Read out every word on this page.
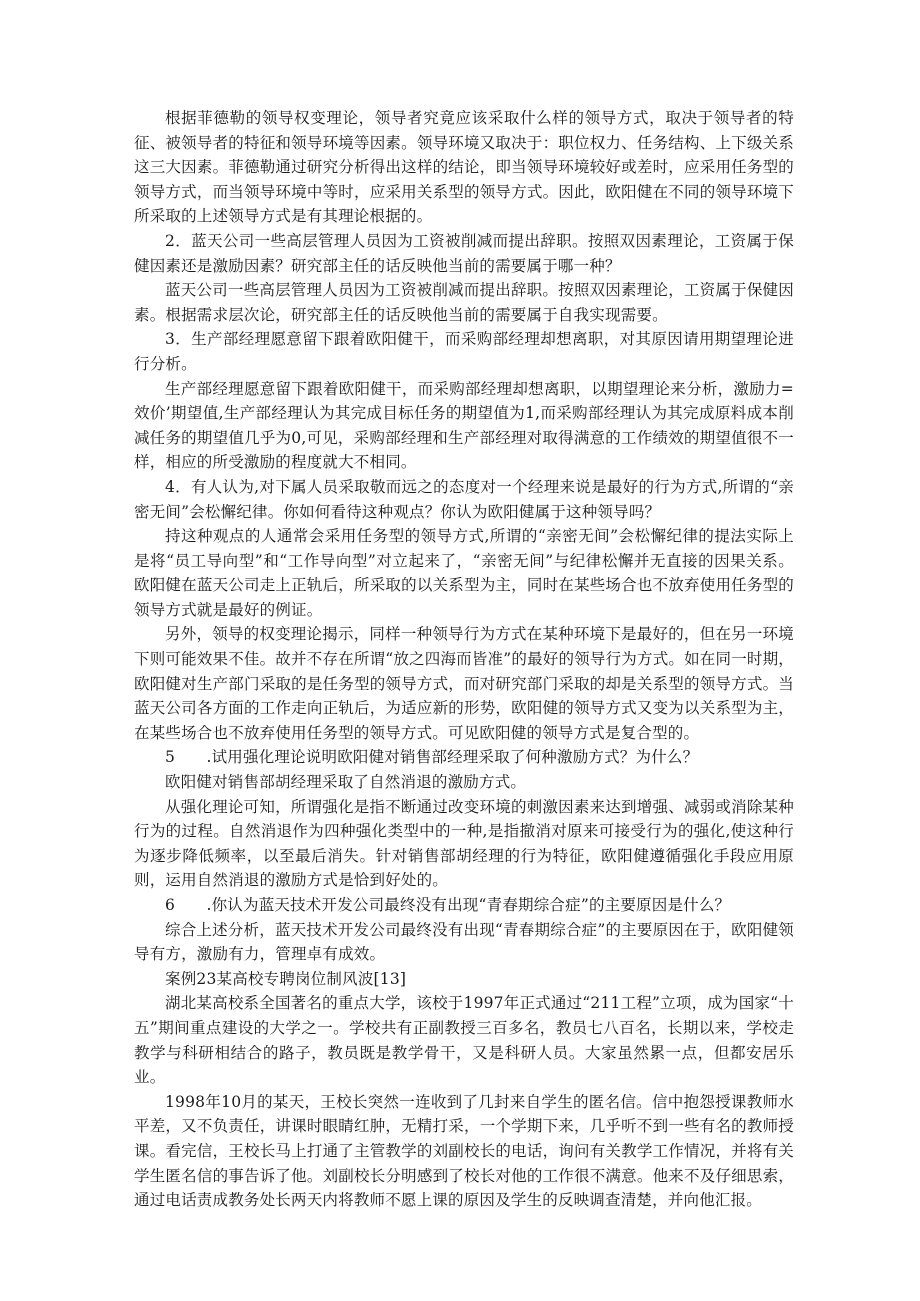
根据菲德勒的领导权变理论，领导者究竟应该采取什么样的领导方式，取决于领导者的特征、被领导者的特征和领导环境等因素。领导环境又取决于：职位权力、任务结构、上下级关系这三大因素。菲德勒通过研究分析得出这样的结论，即当领导环境较好或差时，应采用任务型的领导方式，而当领导环境中等时，应采用关系型的领导方式。因此，欧阳健在不同的领导环境下所采取的上述领导方式是有其理论根据的。

2．蓝天公司一些高层管理人员因为工资被削减而提出辞职。按照双因素理论，工资属于保健因素还是激励因素？研究部主任的话反映他当前的需要属于哪一种？

蓝天公司一些高层管理人员因为工资被削减而提出辞职。按照双因素理论，工资属于保健因素。根据需求层次论，研究部主任的话反映他当前的需要属于自我实现需要。

3．生产部经理愿意留下跟着欧阳健干，而采购部经理却想离职，对其原因请用期望理论进行分析。

生产部经理愿意留下跟着欧阳健干，而采购部经理却想离职，以期望理论来分析，激励力=效价’期望值,生产部经理认为其完成目标任务的期望值为1,而采购部经理认为其完成原料成本削减任务的期望值几乎为0,可见，采购部经理和生产部经理对取得满意的工作绩效的期望值很不一样，相应的所受激励的程度就大不相同。

4．有人认为,对下属人员采取敬而远之的态度对一个经理来说是最好的行为方式,所谓的“亲密无间”会松懈纪律。你如何看待这种观点？你认为欧阳健属于这种领导吗？

持这种观点的人通常会采用任务型的领导方式,所谓的“亲密无间”会松懈纪律的提法实际上是将“员工导向型”和“工作导向型”对立起来了，“亲密无间”与纪律松懈并无直接的因果关系。欧阳健在蓝天公司走上正轨后，所采取的以关系型为主，同时在某些场合也不放弃使用任务型的领导方式就是最好的例证。

另外，领导的权变理论揭示，同样一种领导行为方式在某种环境下是最好的，但在另一环境下则可能效果不佳。故并不存在所谓“放之四海而皆准”的最好的领导行为方式。如在同一时期，欧阳健对生产部门采取的是任务型的领导方式，而对研究部门采取的却是关系型的领导方式。当蓝天公司各方面的工作走向正轨后，为适应新的形势，欧阳健的领导方式又变为以关系型为主，在某些场合也不放弃使用任务型的领导方式。可见欧阳健的领导方式是复合型的。

5　　.试用强化理论说明欧阳健对销售部经理采取了何种激励方式？为什么？

欧阳健对销售部胡经理采取了自然消退的激励方式。

从强化理论可知，所谓强化是指不断通过改变环境的刺激因素来达到增强、减弱或消除某种行为的过程。自然消退作为四种强化类型中的一种,是指撤消对原来可接受行为的强化,使这种行为逐步降低频率，以至最后消失。针对销售部胡经理的行为特征，欧阳健遵循强化手段应用原则，运用自然消退的激励方式是恰到好处的。

6　　.你认为蓝天技术开发公司最终没有出现“青春期综合症”的主要原因是什么？

综合上述分析，蓝天技术开发公司最终没有出现“青春期综合症”的主要原因在于，欧阳健领导有方，激励有力，管理卓有成效。

案例23某高校专聘岗位制风波[13]

湖北某高校系全国著名的重点大学，该校于1997年正式通过“211工程”立项，成为国家“十五”期间重点建设的大学之一。学校共有正副教授三百多名，教员七八百名，长期以来，学校走教学与科研相结合的路子，教员既是教学骨干，又是科研人员。大家虽然累一点，但都安居乐业。

1998年10月的某天，王校长突然一连收到了几封来自学生的匿名信。信中抱怨授课教师水平差，又不负责任，讲课时眼睛红肿，无精打采，一个学期下来，几乎听不到一些有名的教师授课。看完信，王校长马上打通了主管教学的刘副校长的电话，询问有关教学工作情况，并将有关学生匿名信的事告诉了他。刘副校长分明感到了校长对他的工作很不满意。他来不及仔细思索，通过电话责成教务处长两天内将教师不愿上课的原因及学生的反映调查清楚，并向他汇报。
